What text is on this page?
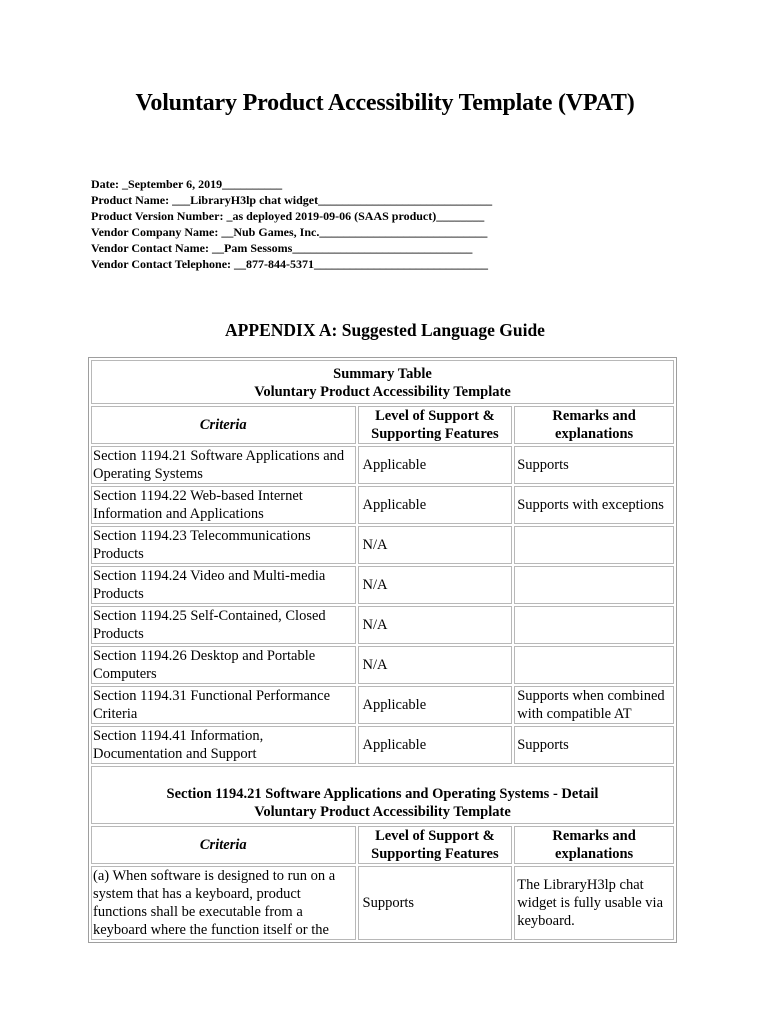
Voluntary Product Accessibility Template (VPAT)
Date: _September 6, 2019__________
Product Name: ___LibraryH3lp chat widget_____________________________
Product Version Number: _as deployed 2019-09-06 (SAAS product)________
Vendor Company Name: __Nub Games, Inc.____________________________
Vendor Contact Name: __Pam Sessoms______________________________
Vendor Contact Telephone: __877-844-5371_____________________________
APPENDIX A: Suggested Language Guide
Summary Table
Voluntary Product Accessibility Template		

Criteria	Level of Support & Supporting Features	Remarks and explanations
Section 1194.21 Software Applications and Operating Systems	Applicable	Supports
Section 1194.22 Web-based Internet Information and Applications	Applicable	Supports with exceptions
Section 1194.23 Telecommunications Products	N/A	
Section 1194.24 Video and Multi-media Products	N/A	
Section 1194.25 Self-Contained, Closed Products	N/A	
Section 1194.26 Desktop and Portable Computers	N/A	
Section 1194.31 Functional Performance Criteria	Applicable	Supports when combined with compatible AT
Section 1194.41 Information, Documentation and Support	Applicable	Supports

Section 1194.21 Software Applications and Operating Systems - Detail
Voluntary Product Accessibility Template		

Criteria	Level of Support & Supporting Features	Remarks and explanations
(a) When software is designed to run on a system that has a keyboard, product functions shall be executable from a keyboard where the function itself or the	Supports	The LibraryH3lp chat widget is fully usable via keyboard.
